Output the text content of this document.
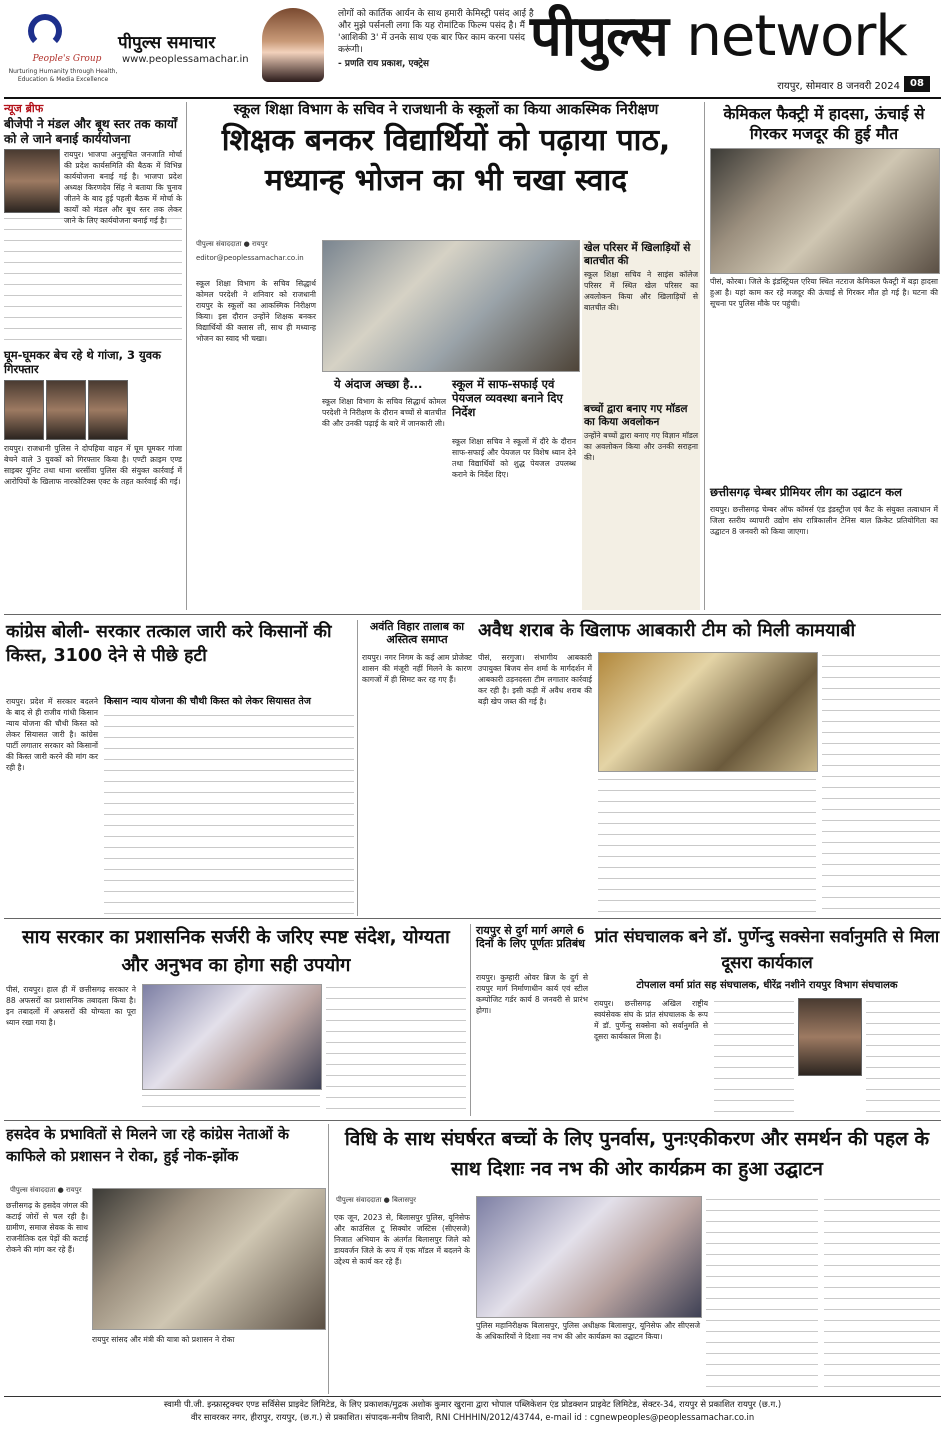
People's Group
Nurturing Humanity through Health, Education & Media Excellence
पीपुल्स समाचार
www.peoplessamachar.in
लोगों को कार्तिक आर्यन के साथ हमारी केमिस्ट्री पसंद आई है और मुझे पर्सनली लगा कि यह रोमांटिक फिल्म पसंद है। मैं 'आशिकी 3' में उनके साथ एक बार फिर काम करना पसंद करूंगी।
- प्रणति राय प्रकाश, एक्ट्रेस	पीपुल्स network
रायपुर, सोमवार 8 जनवरी 2024	08
न्यूज ब्रीफ
बीजेपी ने मंडल और बूथ स्तर तक कार्यों को ले जाने बनाई कार्ययोजना
रायपुर। भाजपा अनुसूचित जनजाति मोर्चा की प्रदेश कार्यसमिति की बैठक में विभिन्न कार्ययोजना बनाई गई है। भाजपा प्रदेश अध्यक्ष किरणदेव सिंह ने बताया कि चुनाव जीतने के बाद हुई पहली बैठक में मोर्चा के कार्यों को मंडल और बूथ स्तर तक लेकर जाने के लिए कार्ययोजना बनाई गई है।
घूम-घूमकर बेच रहे थे गांजा, 3 युवक गिरफ्तार
रायपुर। राजधानी पुलिस ने दोपहिया वाहन में घूम घूमकर गांजा बेचने वाले 3 युवकों को गिरफ्तार किया है। एण्टी क्राइम एण्ड साइबर यूनिट तथा थाना धरसींवा पुलिस की संयुक्त कार्रवाई में आरोपियों के खिलाफ नारकोटिक्स एक्ट के तहत कार्रवाई की गई।
स्कूल शिक्षा विभाग के सचिव ने राजधानी के स्कूलों का किया आकस्मिक निरीक्षण
शिक्षक बनकर विद्यार्थियों को पढ़ाया पाठ, मध्यान्ह भोजन का भी चखा स्वाद
पीपुल्स संवाददाता ● रायपुर
editor@peoplessamachar.co.in
स्कूल शिक्षा विभाग के सचिव सिद्धार्थ कोमल परदेशी ने शनिवार को राजधानी रायपुर के स्कूलों का आकस्मिक निरीक्षण किया। इस दौरान उन्होंने शिक्षक बनकर विद्यार्थियों की क्लास ली, साथ ही मध्यान्ह भोजन का स्वाद भी चखा।
ये अंदाज अच्छा है...
स्कूल शिक्षा विभाग के सचिव सिद्धार्थ कोमल परदेशी ने निरीक्षण के दौरान बच्चों से बातचीत की और उनकी पढ़ाई के बारे में जानकारी ली।
स्कूल में साफ-सफाई एवं पेयजल व्यवस्था बनाने दिए निर्देश
स्कूल शिक्षा सचिव ने स्कूलों में दौरे के दौरान साफ-सफाई और पेयजल पर विशेष ध्यान देने तथा विद्यार्थियों को शुद्ध पेयजल उपलब्ध कराने के निर्देश दिए।
खेल परिसर में खिलाड़ियों से बातचीत की
स्कूल शिक्षा सचिव ने साइंस कॉलेज परिसर में स्थित खेल परिसर का अवलोकन किया और खिलाड़ियों से बातचीत की।
बच्चों द्वारा बनाए गए मॉडल का किया अवलोकन
उन्होंने बच्चों द्वारा बनाए गए विज्ञान मॉडल का अवलोकन किया और उनकी सराहना की।
केमिकल फैक्ट्री में हादसा, ऊंचाई से गिरकर मजदूर की हुई मौत
पीसं, कोरबा। जिले के इंडस्ट्रियल एरिया स्थित नटराज केमिकल फैक्ट्री में बड़ा हादसा हुआ है। यहां काम कर रहे मजदूर की ऊंचाई से गिरकर मौत हो गई है। घटना की सूचना पर पुलिस मौके पर पहुंची।
छत्तीसगढ़ चेम्बर प्रीमियर लीग का उद्घाटन कल
रायपुर। छत्तीसगढ़ चेम्बर ऑफ कॉमर्स एंड इंडस्ट्रीज एवं कैट के संयुक्त तत्वाधान में जिला स्तरीय व्यापारी उद्योग संघ रात्रिकालीन टेनिस बाल क्रिकेट प्रतियोगिता का उद्घाटन 8 जनवरी को किया जाएगा।
कांग्रेस बोली- सरकार तत्काल जारी करे किसानों की किस्त, 3100 देने से पीछे हटी
रायपुर। प्रदेश में सरकार बदलने के बाद से ही राजीव गांधी किसान न्याय योजना की चौथी किस्त को लेकर सियासत जारी है। कांग्रेस पार्टी लगातार सरकार को किसानों की किस्त जारी करने की मांग कर रही है।
किसान न्याय योजना की चौथी किस्त को लेकर सियासत तेज
अवंति विहार तालाब का अस्तित्व समाप्त
रायपुर। नगर निगम के कई आम प्रोजेक्ट शासन की मंजूरी नहीं मिलने के कारण कागजों में ही सिमट कर रह गए हैं।
अवैध शराब के खिलाफ आबकारी टीम को मिली कामयाबी
पीसं, सरगुजा। संभागीय आबकारी उपायुक्त बिजय सेन शर्मा के मार्गदर्शन में आबकारी उड़नदस्ता टीम लगातार कार्रवाई कर रही है। इसी कड़ी में अवैध शराब की बड़ी खेप जब्त की गई है।
साय सरकार का प्रशासनिक सर्जरी के जरिए स्पष्ट संदेश, योग्यता और अनुभव का होगा सही उपयोग
पीसं, रायपुर। हाल ही में छत्तीसगढ़ सरकार ने 88 अफसरों का प्रशासनिक तबादला किया है। इन तबादलों में अफसरों की योग्यता का पूरा ध्यान रखा गया है।
रायपुर से दुर्ग मार्ग अगले 6 दिनों के लिए पूर्णतः प्रतिबंध
रायपुर। कुम्हारी ओवर ब्रिज के दुर्ग से रायपुर मार्ग निर्माणाधीन कार्य एवं स्टील कम्पोजिट गर्डर कार्य 8 जनवरी से प्रारंभ होगा।
प्रांत संघचालक बने डॉ. पुर्णेन्दु सक्सेना सर्वानुमति से मिला दूसरा कार्यकाल
टोपलाल वर्मा प्रांत सह संघचालक, धीरेंद्र नशीने रायपुर विभाग संघचालक
रायपुर। छत्तीसगढ़ अखिल राष्ट्रीय स्वयंसेवक संघ के प्रांत संघचालक के रूप में डॉ. पुर्णेन्दु सक्सेना को सर्वानुमति से दूसरा कार्यकाल मिला है।
हसदेव के प्रभावितों से मिलने जा रहे कांग्रेस नेताओं के काफिले को प्रशासन ने रोका, हुई नोक-झोंक
पीपुल्स संवाददाता ● रायपुर
छत्तीसगढ़ के हसदेव जंगल की कटाई जोरों से चल रही है। ग्रामीण, समाज सेवक के साथ राजनीतिक दल पेड़ों की कटाई रोकने की मांग कर रहे हैं।
रायपुर सांसद और मंत्री की यात्रा को प्रशासन ने रोका
विधि के साथ संघर्षरत बच्चों के लिए पुनर्वास, पुनःएकीकरण और समर्थन की पहल के साथ दिशाः नव नभ की ओर कार्यक्रम का हुआ उद्घाटन
पीपुल्स संवाददाता ● बिलासपुर
एक जून, 2023 से, बिलासपुर पुलिस, यूनिसेफ और काउंसिल टू सिक्योर जस्टिस (सीएसजे) निजात अभियान के अंतर्गत बिलासपुर जिले को डायवर्जन जिले के रूप में एक मॉडल में बदलने के उद्देश्य से कार्य कर रहे हैं।
पुलिस महानिरीक्षक बिलासपुर, पुलिस अधीक्षक बिलासपुर, यूनिसेफ और सीएसजे के अधिकारियों ने दिशाः नव नभ की ओर कार्यक्रम का उद्घाटन किया।
स्वामी पी.जी. इन्फ्रास्ट्रक्चर एण्ड सर्विसेस प्राइवेट लिमिटेड, के लिए प्रकाशक/मुद्रक अशोक कुमार खुराना द्वारा भोपाल पब्लिकेशन एंड प्रोडक्शन प्राइवेट लिमिटेड, सेक्टर-34, रायपुर से प्रकाशित रायपुर (छ.ग.)
वीर सावरकर नगर, हीरापुर, रायपुर, (छ.ग.) से प्रकाशित। संपादक-मनीष तिवारी, RNI CHHHIN/2012/43744, e-mail id : cgnewpeoples@peoplessamachar.co.in
